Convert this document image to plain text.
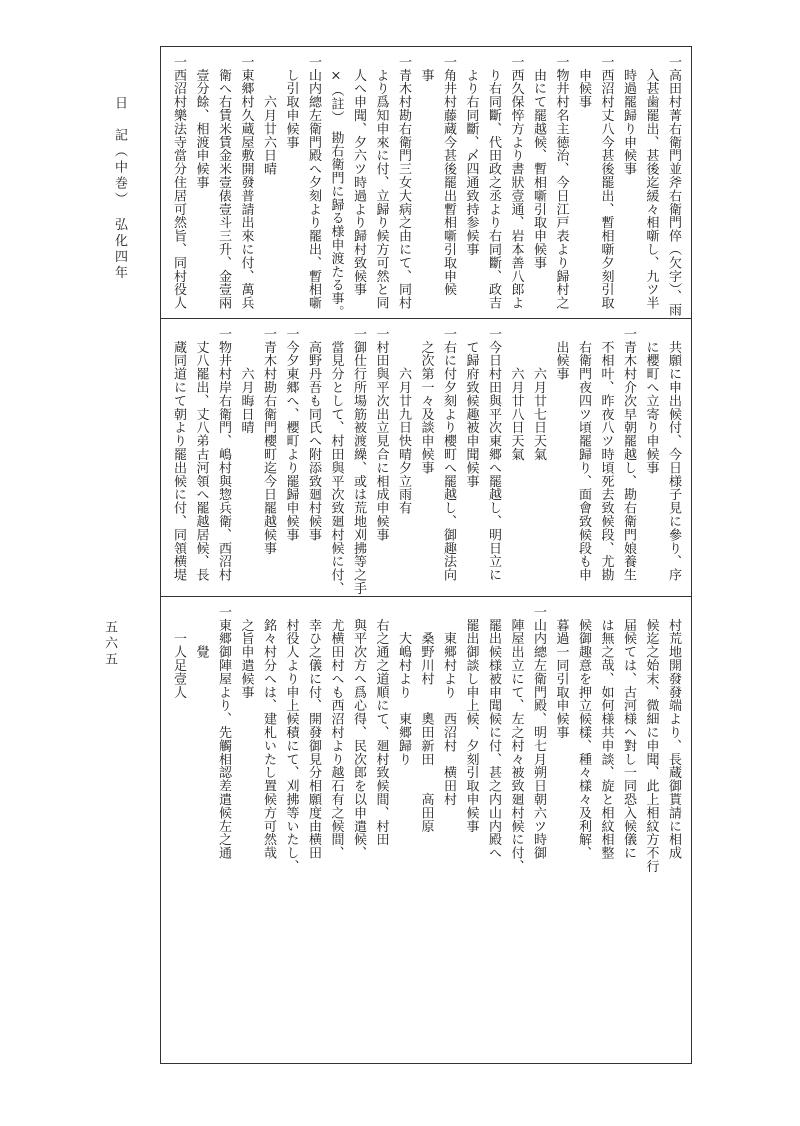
五六五
日　記（中巻）　弘化四年	一高田村菁右衛門並斧右衛門倅（欠字）、雨
　入甚歯罷出、甚後迄緩々相噺し、九ツ半
　時過罷歸り申候事
一西沼村丈八今甚後罷出、暫相噺夕刻引取
　申候事
一物井村名主徳治、今日江戸表より歸村之
　由にて罷越候、暫相噺引取申候事
一西久保悴方より書狀壹通、岩本善八郎よ
　り右同斷、代田政之丞より右同斷、政吉
　より右同斷、〆四通致持参候事
一角井村藤蔵今甚後罷出暫相噺引取申候
　事
一青木村勘右衛門三女大病之由にて、同村
　より爲知申來に付、立歸り候方可然と同
　人へ申聞、夕六ツ時過より歸村致候事
　×（註）　勘右衛門に歸る様申渡たる事。
一山内總左衛門殿へ夕刻より罷出、暫相噺
　し引取申候事
　　　六月廿六日晴
一東郷村久蔵屋敷開發普請出來に付、萬兵
　衛へ右賃米賃金米壹俵壹斗三升、金壹兩
　壹分餘、相渡申候事
一西沼村樂法寺當分住居可然旨、同村役人
　共願に申出候付、今日様子見に參り、序
　に櫻町へ立寄り申候事
一青木村介次早朝罷越し、勘右衛門娘養生
　不相叶、昨夜八ツ時頃死去致候段、尤勘
　右衛門夜四ツ頃罷歸り、面會致候段も申
　出候事
　　　六月廿七日天氣
　　　六月廿八日天氣
一今日村田與平次東郷へ罷越し、明日立に
　て歸府致候趣被申聞候事
一右に付夕刻より櫻町へ罷越し、御趣法向
　之次第一々及談申候事
　　　六月廿九日快晴夕立雨有
一村田與平次出立見合に相成申候事
一御仕行所場筋被渡繰、或は荒地刈拂等之手
　當見分として、村田與平次致廻村候に付、
　高野丹吾も同氏へ附添致廻村候事
一今夕東郷へ、櫻町より罷歸申候事
一青木村勘右衛門櫻町迄今日罷越候事
　　　六月晦日晴
一物井村岸右衛門、嶋村與惣兵衛、西沼村
　丈八罷出、丈八弟古河領へ罷越居候、長
　蔵同道にて朝より罷出候に付、同領横堤
　村荒地開發發端より、長蔵御貰請に相成
　候迄之始末、微細に申聞、此上相紋方不行
　届候ては、古河様へ對し一同恐入候儀に
　は無之哉、如何様共申談、旋と相紋相整
　候御趣意を押立候樣、種々樣々及利解、
　暮過一同引取申候事
一山内總左衛門殿、明七月朔日朝六ツ時御
　陣屋出立にて、左之村々被致廻村候に付、
　罷出候様被申聞候に付、甚之内山内殿へ
　罷出御談し申上候、夕刻引取申候事
　　東郷村より　西沼村　横田村
　　桑野川村　　奧田新田　　高田原
　　大嶋村より　東郷歸り
　右之通之道順にて、廻村致候間、村田
　與平次方へ爲心得、民次郎を以申遣候、
　尤横田村へも西沼村より越石有之候間、
　幸ひ之儀に付、開發御見分相願度由横田
　村役人より申上候積にて、刈拂等いたし、
　銘々村分へは、建札いたし置候方可然哉
　之旨申遣候事
一東郷御陣屋より、先觸相認差遣候左之通
　　　覺
　　一人足壹人
